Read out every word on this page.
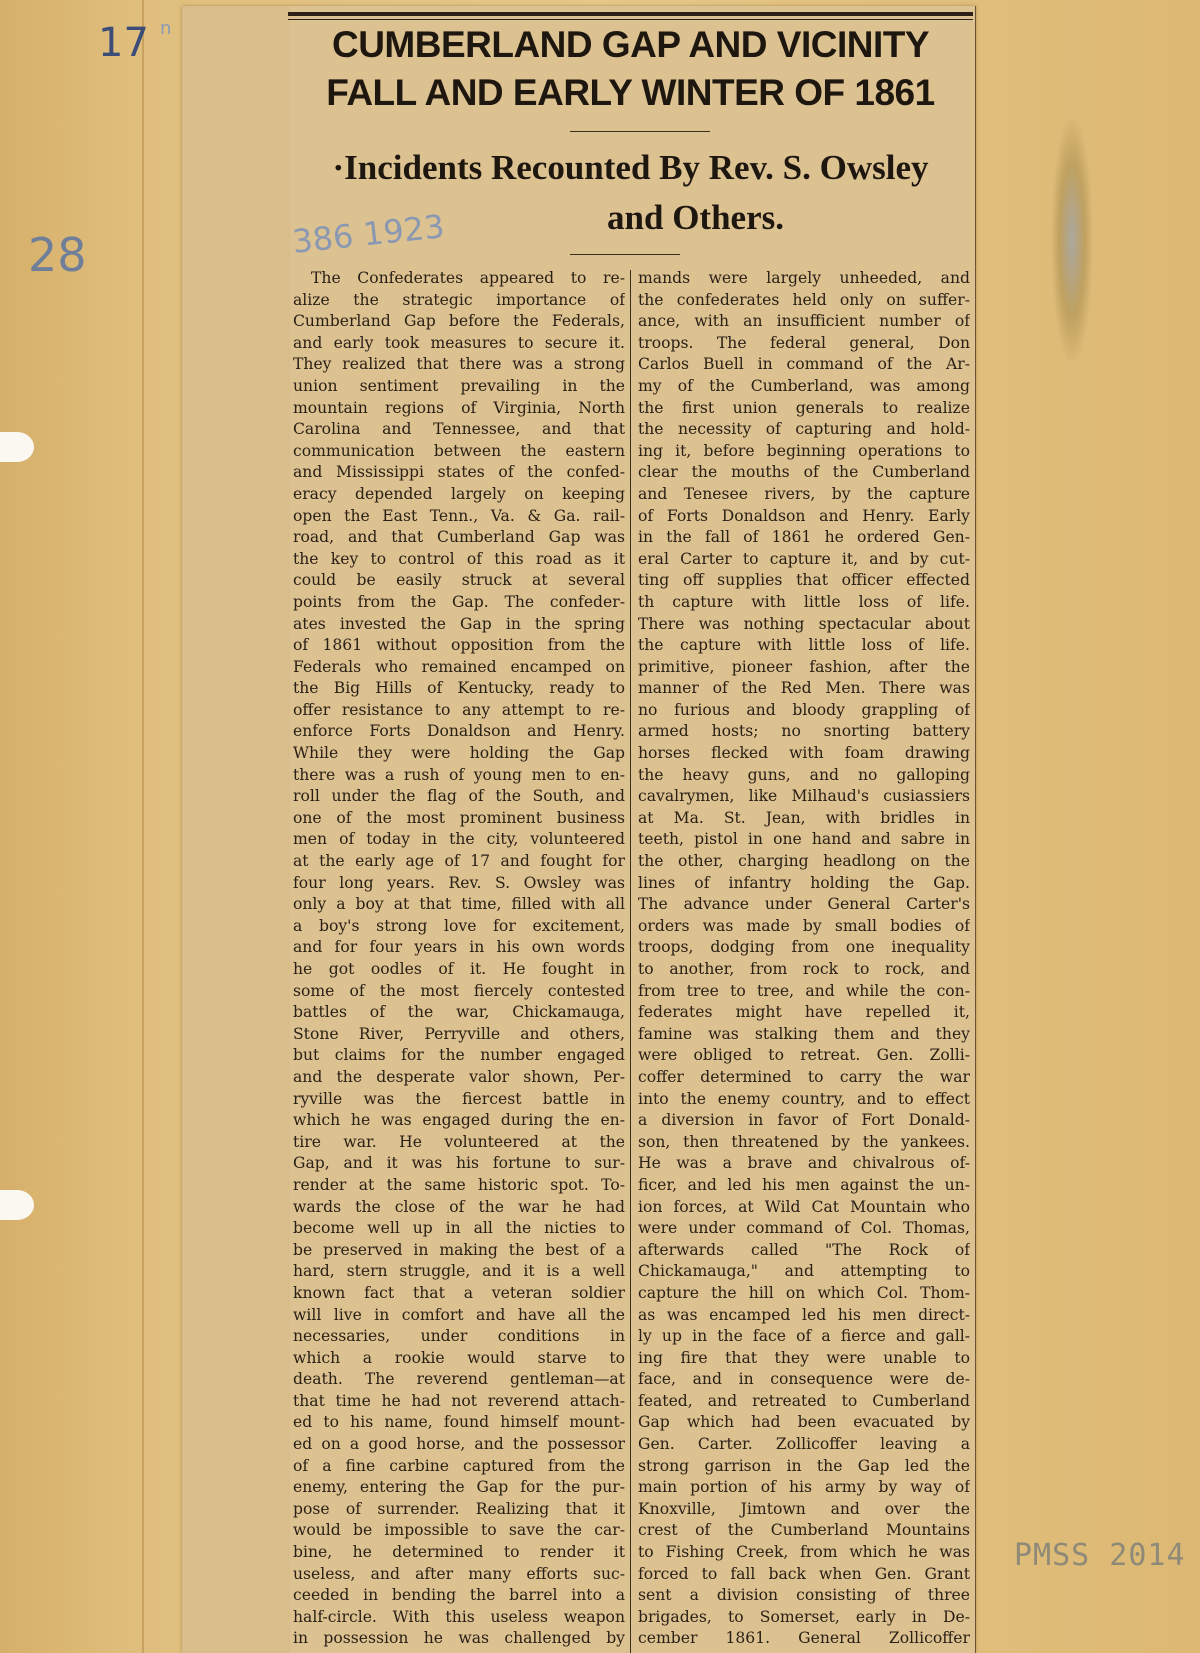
17 n
28	386 1923
CUMBERLAND GAP AND VICINITY
FALL AND EARLY WINTER OF 1861
·Incidents Recounted By Rev. S. Owsley
and Others.
The Confederates appeared to re-
alize the strategic importance of
Cumberland Gap before the Federals,
and early took measures to secure it.
They realized that there was a strong
union sentiment prevailing in the
mountain regions of Virginia, North
Carolina and Tennessee, and that
communication between the eastern
and Mississippi states of the confed-
eracy depended largely on keeping
open the East Tenn., Va. & Ga. rail-
road, and that Cumberland Gap was
the key to control of this road as it
could be easily struck at several
points from the Gap. The confeder-
ates invested the Gap in the spring
of 1861 without opposition from the
Federals who remained encamped on
the Big Hills of Kentucky, ready to
offer resistance to any attempt to re-
enforce Forts Donaldson and Henry.
While they were holding the Gap
there was a rush of young men to en-
roll under the flag of the South, and
one of the most prominent business
men of today in the city, volunteered
at the early age of 17 and fought for
four long years. Rev. S. Owsley was
only a boy at that time, filled with all
a boy's strong love for excitement,
and for four years in his own words
he got oodles of it. He fought in
some of the most fiercely contested
battles of the war, Chickamauga,
Stone River, Perryville and others,
but claims for the number engaged
and the desperate valor shown, Per-
ryville was the fiercest battle in
which he was engaged during the en-
tire war. He volunteered at the
Gap, and it was his fortune to sur-
render at the same historic spot. To-
wards the close of the war he had
become well up in all the nicties to
be preserved in making the best of a
hard, stern struggle, and it is a well
known fact that a veteran soldier
will live in comfort and have all the
necessaries, under conditions in
which a rookie would starve to
death. The reverend gentleman—at
that time he had not reverend attach-
ed to his name, found himself mount-
ed on a good horse, and the possessor
of a fine carbine captured from the
enemy, entering the Gap for the pur-
pose of surrender. Realizing that it
would be impossible to save the car-
bine, he determined to render it
useless, and after many efforts suc-
ceeded in bending the barrel into a
half-circle. With this useless weapon
in possession he was challenged by
mands were largely unheeded, and
the confederates held only on suffer-
ance, with an insufficient number of
troops. The federal general, Don
Carlos Buell in command of the Ar-
my of the Cumberland, was among
the first union generals to realize
the necessity of capturing and hold-
ing it, before beginning operations to
clear the mouths of the Cumberland
and Tenesee rivers, by the capture
of Forts Donaldson and Henry. Early
in the fall of 1861 he ordered Gen-
eral Carter to capture it, and by cut-
ting off supplies that officer effected
th capture with little loss of life.
There was nothing spectacular about
the capture with little loss of life.
primitive, pioneer fashion, after the
manner of the Red Men. There was
no furious and bloody grappling of
armed hosts; no snorting battery
horses flecked with foam drawing
the heavy guns, and no galloping
cavalrymen, like Milhaud's cusiassiers
at Ma. St. Jean, with bridles in
teeth, pistol in one hand and sabre in
the other, charging headlong on the
lines of infantry holding the Gap.
The advance under General Carter's
orders was made by small bodies of
troops, dodging from one inequality
to another, from rock to rock, and
from tree to tree, and while the con-
federates might have repelled it,
famine was stalking them and they
were obliged to retreat. Gen. Zolli-
coffer determined to carry the war
into the enemy country, and to effect
a diversion in favor of Fort Donald-
son, then threatened by the yankees.
He was a brave and chivalrous of-
ficer, and led his men against the un-
ion forces, at Wild Cat Mountain who
were under command of Col. Thomas,
afterwards called "The Rock of
Chickamauga," and attempting to
capture the hill on which Col. Thom-
as was encamped led his men direct-
ly up in the face of a fierce and gall-
ing fire that they were unable to
face, and in consequence were de-
feated, and retreated to Cumberland
Gap which had been evacuated by
Gen. Carter. Zollicoffer leaving a
strong garrison in the Gap led the
main portion of his army by way of
Knoxville, Jimtown and over the
crest of the Cumberland Mountains
to Fishing Creek, from which he was
forced to fall back when Gen. Grant
sent a division consisting of three
brigades, to Somerset, early in De-
cember 1861. General Zollicoffer
PMSS 2014
